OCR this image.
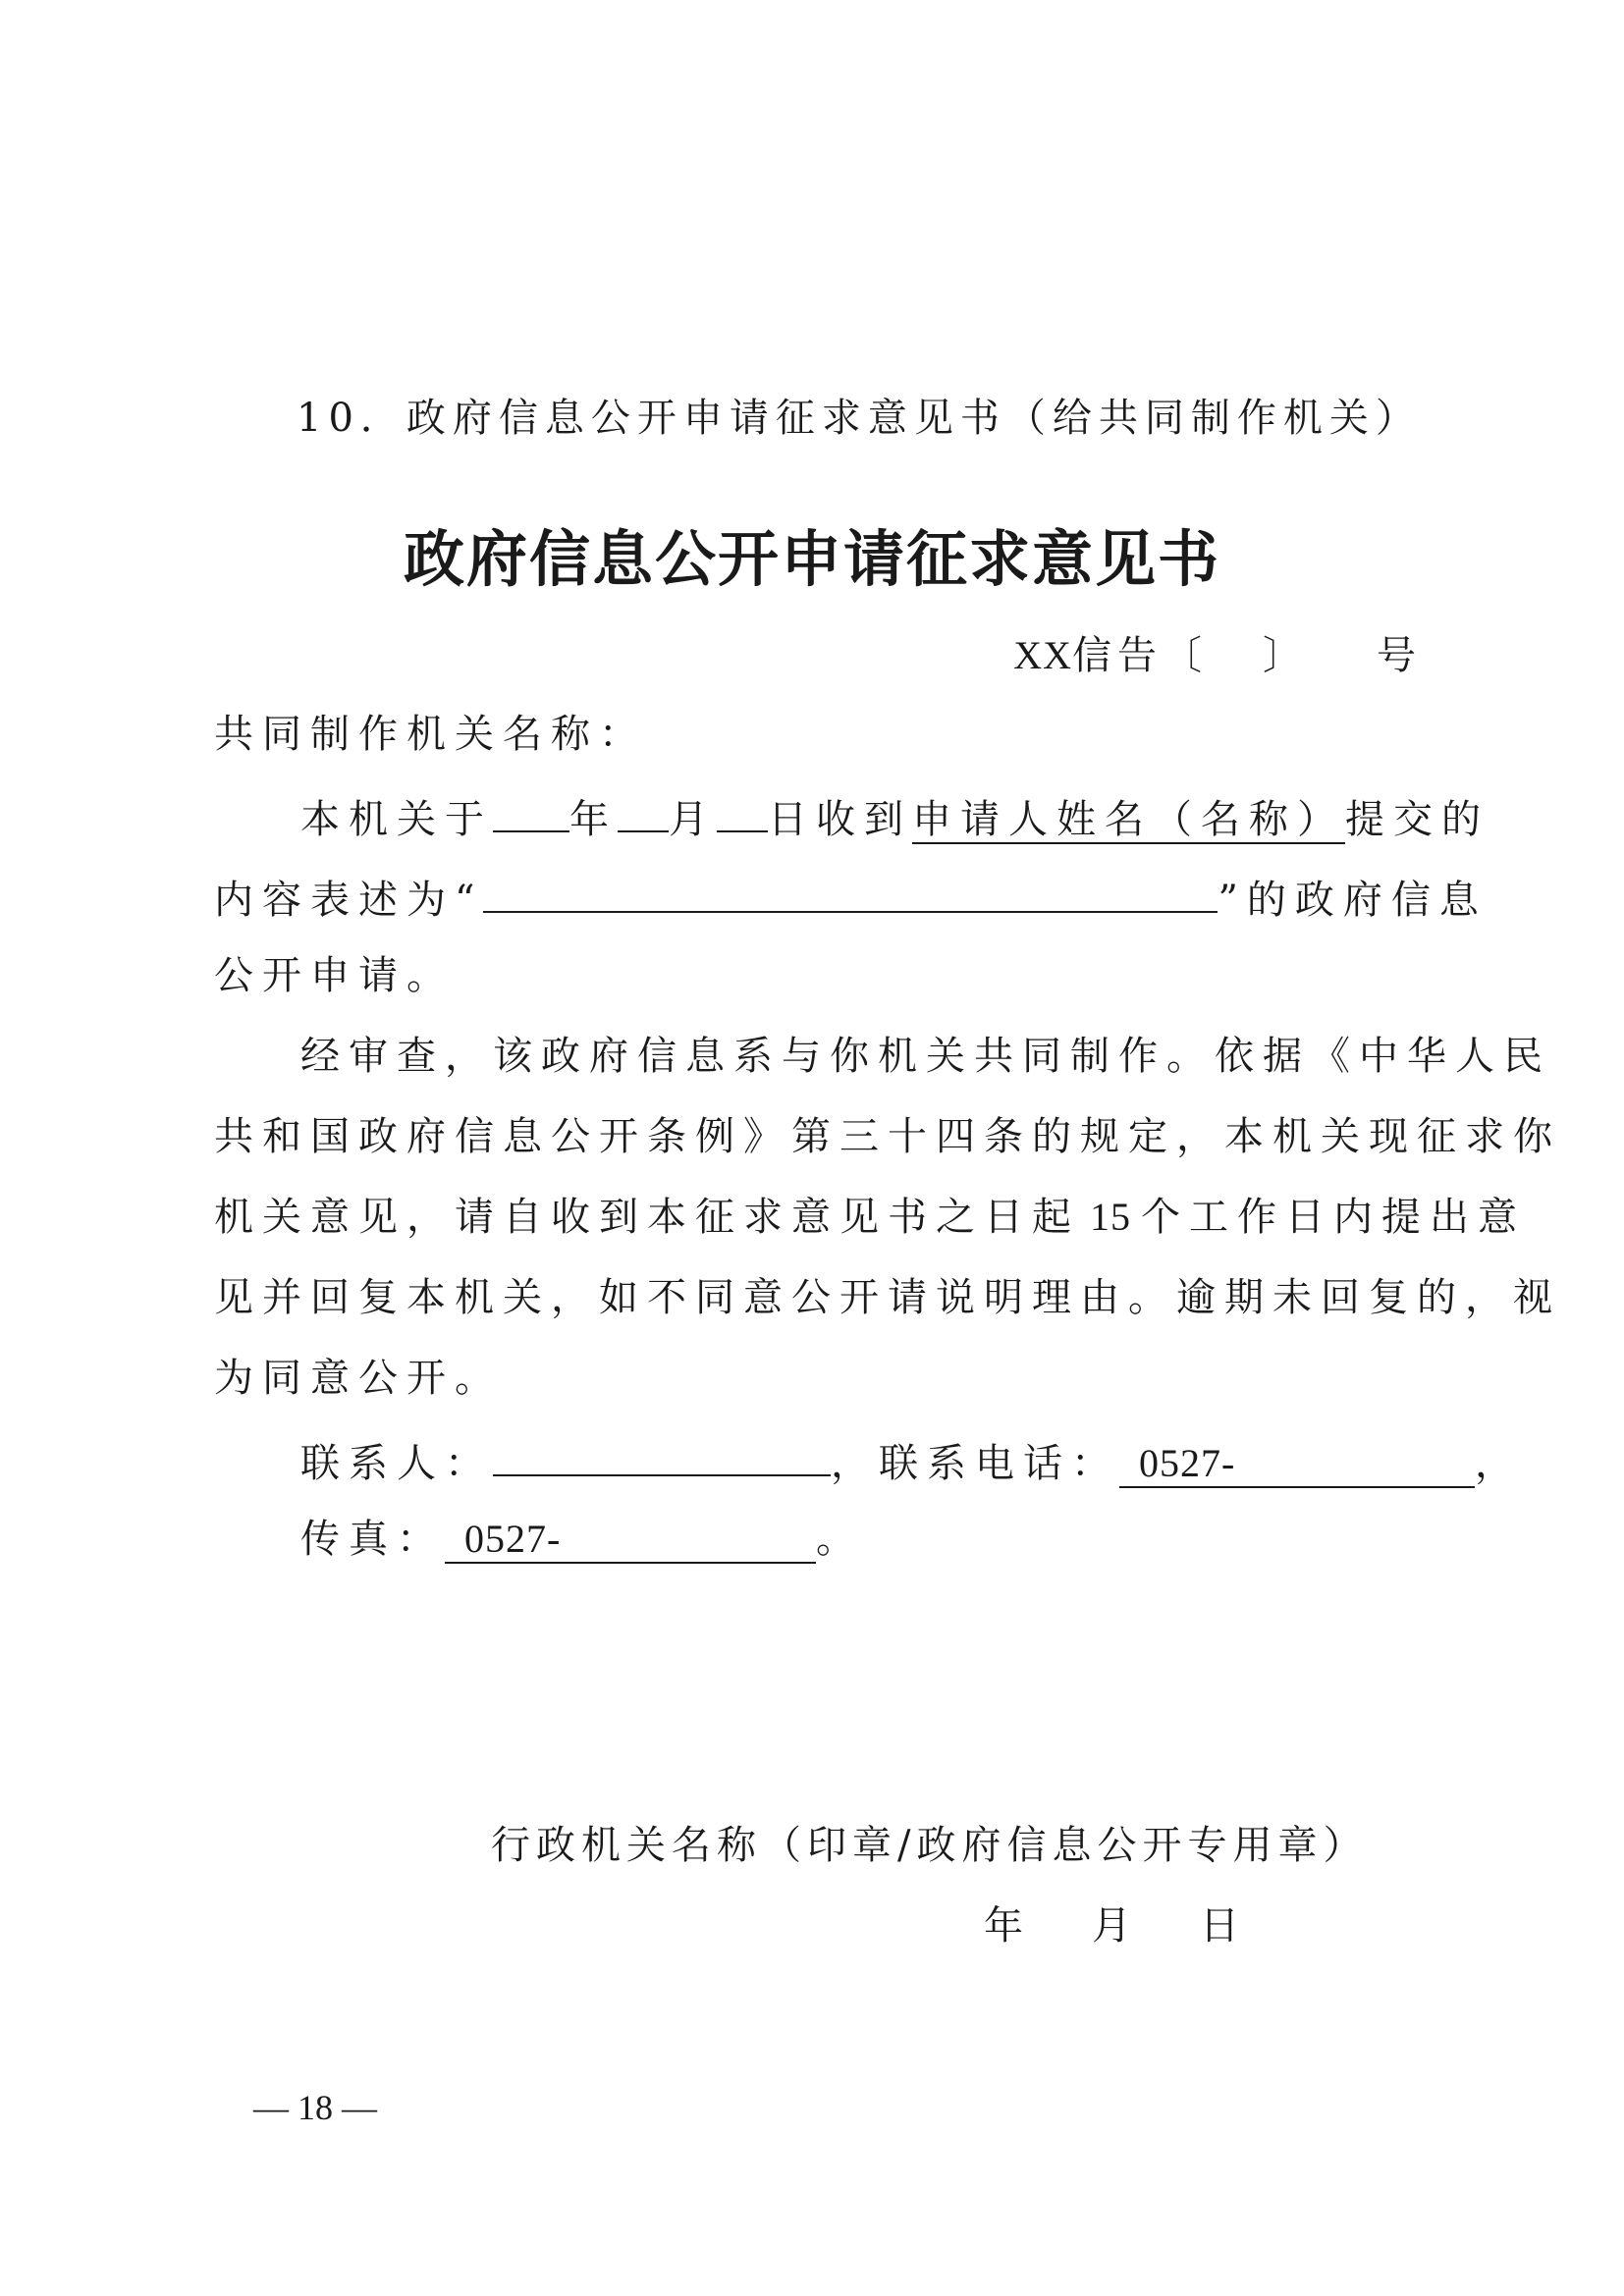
10．政府信息公开申请征求意见书（给共同制作机关）
政府信息公开申请征求意见书
XX信告〔 〕 号
共同制作机关名称：
本机关于 年 月 日收到申请人姓名（名称）提交的
内容表述为“	”的政府信息
公开申请。
经审查，该政府信息系与你机关共同制作。依据《中华人民
共和国政府信息公开条例》第三十四条的规定，本机关现征求你
机关意见，请自收到本征求意见书之日起 15 个工作日内提出意
见并回复本机关，如不同意公开请说明理由。逾期未回复的，视
为同意公开。
联系人：	，联系电话： 0527-	，
传真： 0527-	。
行政机关名称（印章/政府信息公开专用章）
年 月 日
— 18 —
